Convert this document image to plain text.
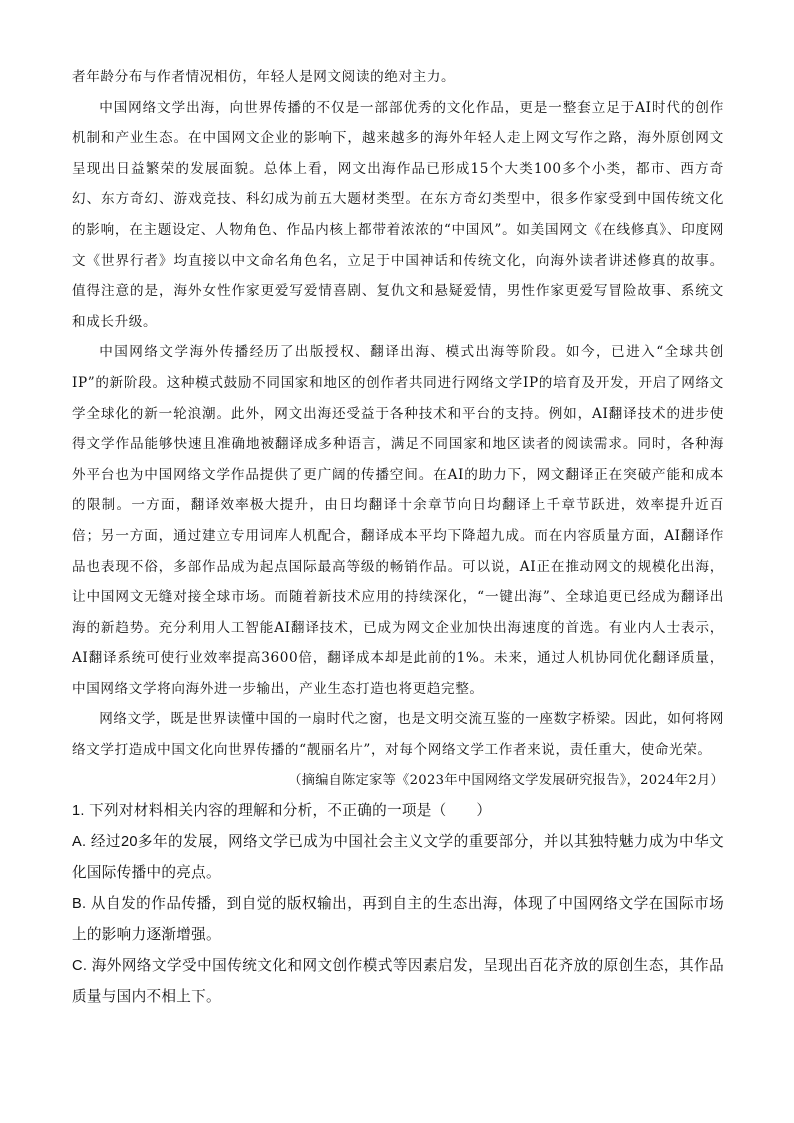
者年龄分布与作者情况相仿，年轻人是网文阅读的绝对主力。

中国网络文学出海，向世界传播的不仅是一部部优秀的文化作品，更是一整套立足于AI时代的创作机制和产业生态。在中国网文企业的影响下，越来越多的海外年轻人走上网文写作之路，海外原创网文呈现出日益繁荣的发展面貌。总体上看，网文出海作品已形成15个大类100多个小类，都市、西方奇幻、东方奇幻、游戏竞技、科幻成为前五大题材类型。在东方奇幻类型中，很多作家受到中国传统文化的影响，在主题设定、人物角色、作品内核上都带着浓浓的“中国风”。如美国网文《在线修真》、印度网文《世界行者》均直接以中文命名角色名，立足于中国神话和传统文化，向海外读者讲述修真的故事。值得注意的是，海外女性作家更爱写爱情喜剧、复仇文和悬疑爱情，男性作家更爱写冒险故事、系统文和成长升级。

中国网络文学海外传播经历了出版授权、翻译出海、模式出海等阶段。如今，已进入“全球共创IP”的新阶段。这种模式鼓励不同国家和地区的创作者共同进行网络文学IP的培育及开发，开启了网络文学全球化的新一轮浪潮。此外，网文出海还受益于各种技术和平台的支持。例如，AI翻译技术的进步使得文学作品能够快速且准确地被翻译成多种语言，满足不同国家和地区读者的阅读需求。同时，各种海外平台也为中国网络文学作品提供了更广阔的传播空间。在AI的助力下，网文翻译正在突破产能和成本的限制。一方面，翻译效率极大提升，由日均翻译十余章节向日均翻译上千章节跃进，效率提升近百倍；另一方面，通过建立专用词库人机配合，翻译成本平均下降超九成。而在内容质量方面，AI翻译作品也表现不俗，多部作品成为起点国际最高等级的畅销作品。可以说，AI正在推动网文的规模化出海，让中国网文无缝对接全球市场。而随着新技术应用的持续深化，“一键出海”、全球追更已经成为翻译出海的新趋势。充分利用人工智能AI翻译技术，已成为网文企业加快出海速度的首选。有业内人士表示，AI翻译系统可使行业效率提高3600倍，翻译成本却是此前的1%。未来，通过人机协同优化翻译质量，中国网络文学将向海外进一步输出，产业生态打造也将更趋完整。

网络文学，既是世界读懂中国的一扇时代之窗，也是文明交流互鉴的一座数字桥梁。因此，如何将网络文学打造成中国文化向世界传播的“靓丽名片”，对每个网络文学工作者来说，责任重大，使命光荣。

（摘编自陈定家等《2023年中国网络文学发展研究报告》，2024年2月）

1. 下列对材料相关内容的理解和分析，不正确的一项是（　　）

A. 经过20多年的发展，网络文学已成为中国社会主义文学的重要部分，并以其独特魅力成为中华文化国际传播中的亮点。

B. 从自发的作品传播，到自觉的版权输出，再到自主的生态出海，体现了中国网络文学在国际市场上的影响力逐渐增强。

C. 海外网络文学受中国传统文化和网文创作模式等因素启发，呈现出百花齐放的原创生态，其作品质量与国内不相上下。
